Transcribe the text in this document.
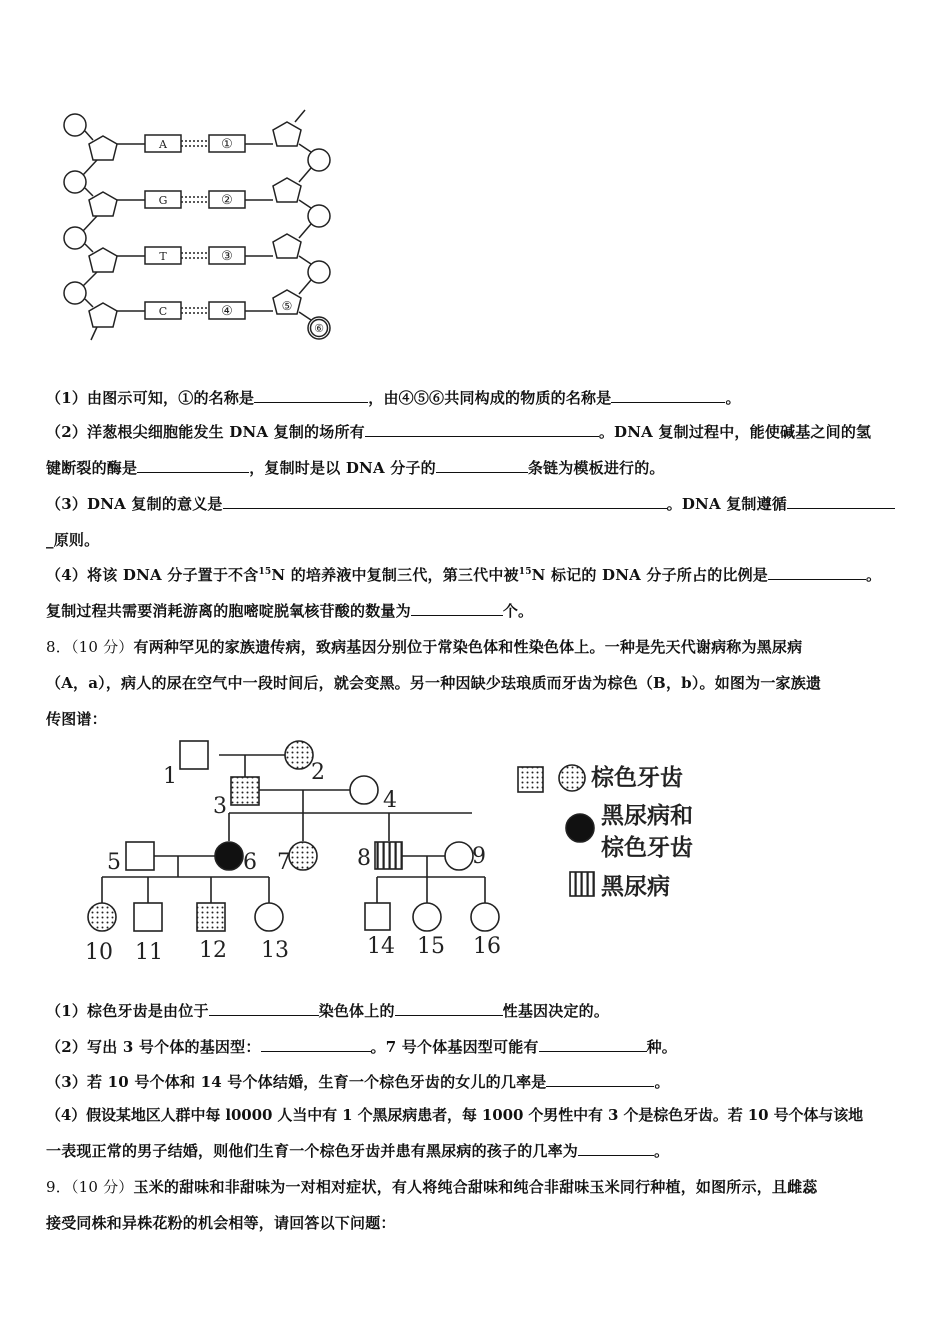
A
G
T
C
①
②
③
④	⑤
⑥
（1）由图示可知，①的名称是	，由④⑤⑥共同构成的物质的名称是	。
（2）洋葱根尖细胞能发生 DNA 复制的场所有	。DNA 复制过程中，能使碱基之间的氢
键断裂的酶是	，复制时是以 DNA 分子的	条链为模板进行的。
（3）DNA 复制的意义是	。DNA 复制遵循
_原则。
（4）将该 DNA 分子置于不含$^{15}$N 的培养液中复制三代，第三代中被$^{15}$N 标记的 DNA 分子所占的比例是	。
复制过程共需要消耗游离的胞嘧啶脱氧核苷酸的数量为	个。
8．（10 分）有两种罕见的家族遗传病，致病基因分别位于常染色体和性染色体上。一种是先天代谢病称为黑尿病
（A，a），病人的尿在空气中一段时间后，就会变黑。另一种因缺少珐琅质而牙齿为棕色（B，b）。如图为一家族遗
传图谱：
1	2
3	4
5	6 7	8	9
10 11 12 13	14 15 16
棕色牙齿
黑尿病和
棕色牙齿
黑尿病
（1）棕色牙齿是由位于	染色体上的	性基因决定的。
（2）写出 3 号个体的基因型：	。7 号个体基因型可能有	种。
（3）若 10 号个体和 14 号个体结婚，生育一个棕色牙齿的女儿的几率是	。
（4）假设某地区人群中每 l0000 人当中有 1 个黑尿病患者，每 1000 个男性中有 3 个是棕色牙齿。若 10 号个体与该地
一表现正常的男子结婚，则他们生育一个棕色牙齿并患有黑尿病的孩子的几率为	。
9．（10 分）玉米的甜味和非甜味为一对相对症状，有人将纯合甜味和纯合非甜味玉米同行种植，如图所示，且雌蕊
接受同株和异株花粉的机会相等，请回答以下问题：
